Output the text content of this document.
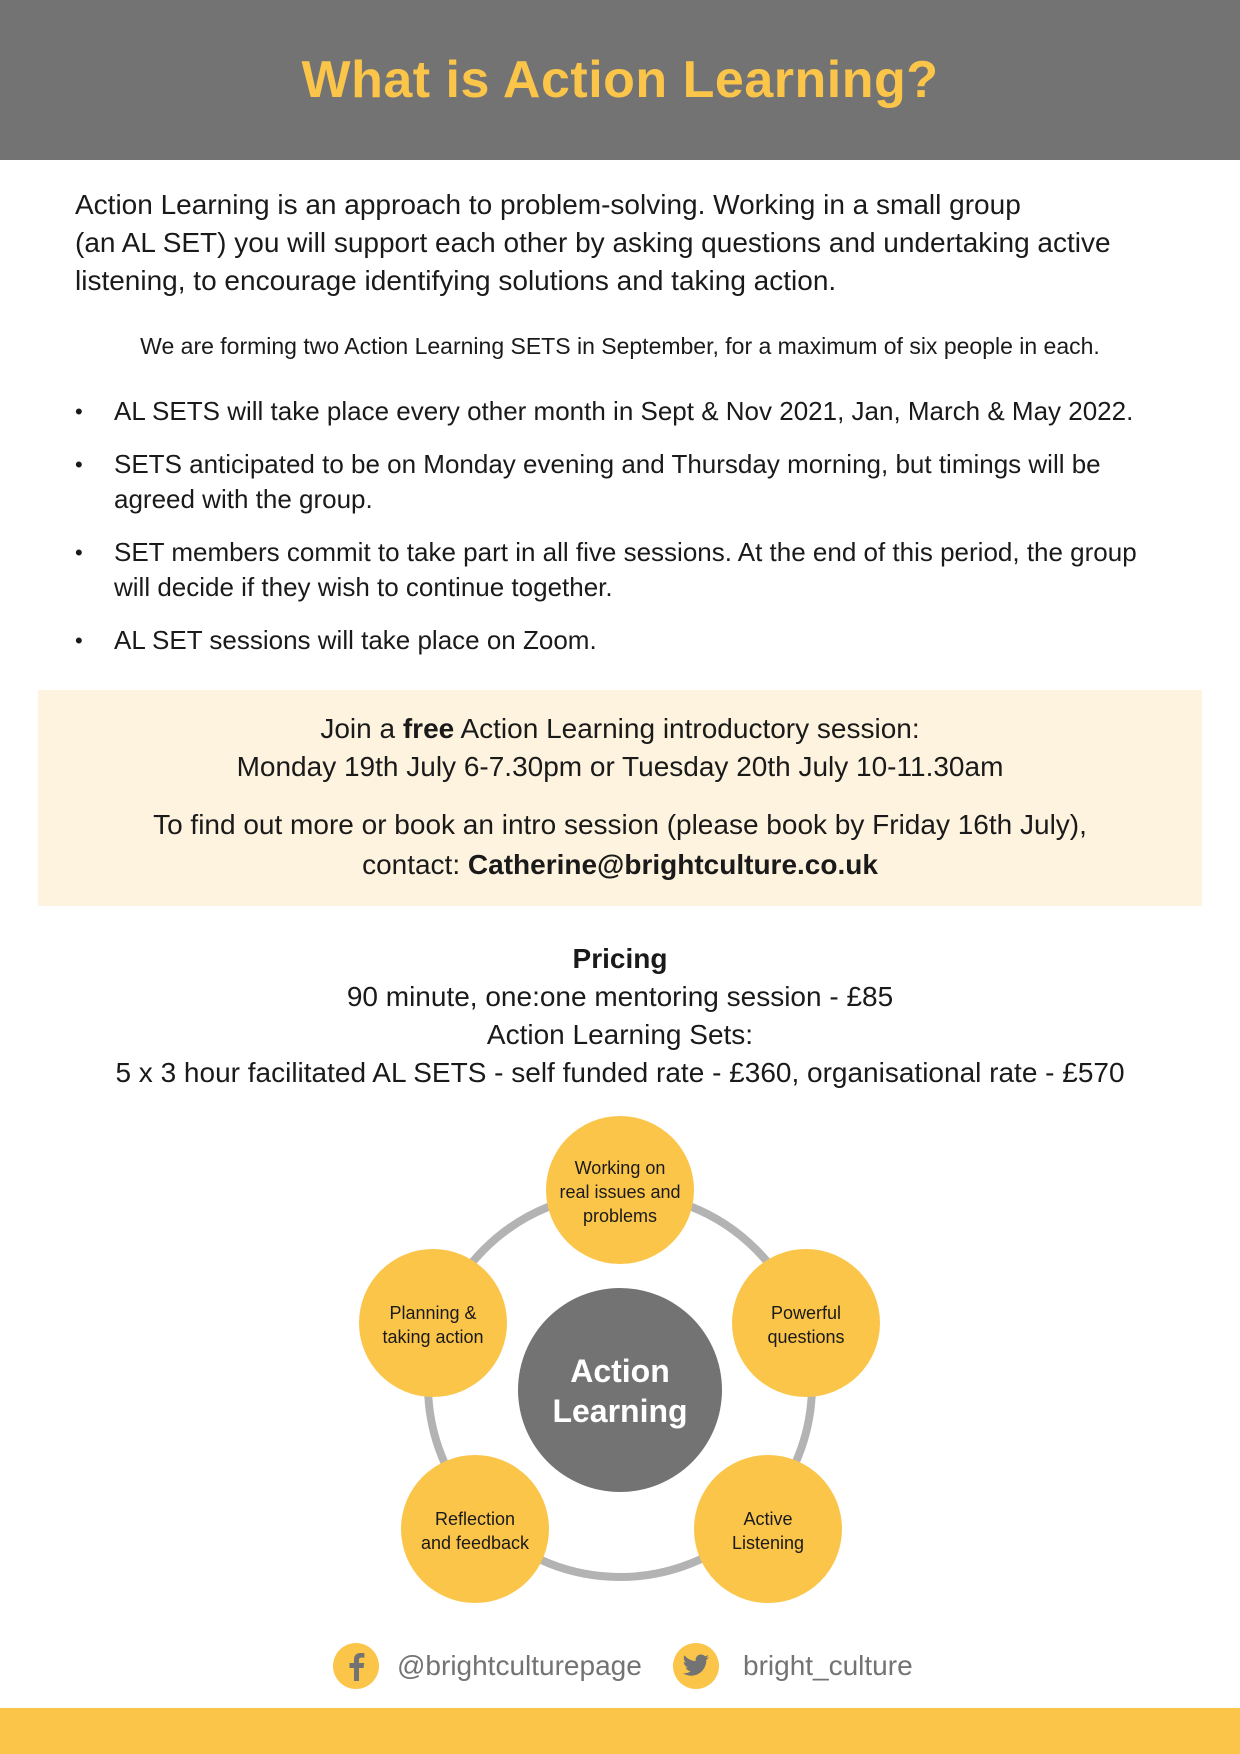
What is Action Learning?

Action Learning is an approach to problem-solving. Working in a small group
(an AL SET) you will support each other by asking questions and undertaking active
listening, to encourage identifying solutions and taking action.

We are forming two Action Learning SETS in September, for a maximum of six people in each.

• AL SETS will take place every other month in Sept & Nov 2021, Jan, March & May 2022.
• SETS anticipated to be on Monday evening and Thursday morning, but timings will be
agreed with the group.
• SET members commit to take part in all five sessions. At the end of this period, the group
will decide if they wish to continue together.
• AL SET sessions will take place on Zoom.
Join a free Action Learning introductory session:
Monday 19th July 6-7.30pm or Tuesday 20th July 10-11.30am
To find out more or book an intro session (please book by Friday 16th July),
contact: Catherine@brightculture.co.uk
Pricing
90 minute, one:one mentoring session - £85
Action Learning Sets:
5 x 3 hour facilitated AL SETS - self funded rate - £360, organisational rate - £570
Action
Learning
Working on
real issues and
problems
Powerful
questions
Active
Listening
Reflection
and feedback
Planning &
taking action
@brightculturepage	bright_culture
